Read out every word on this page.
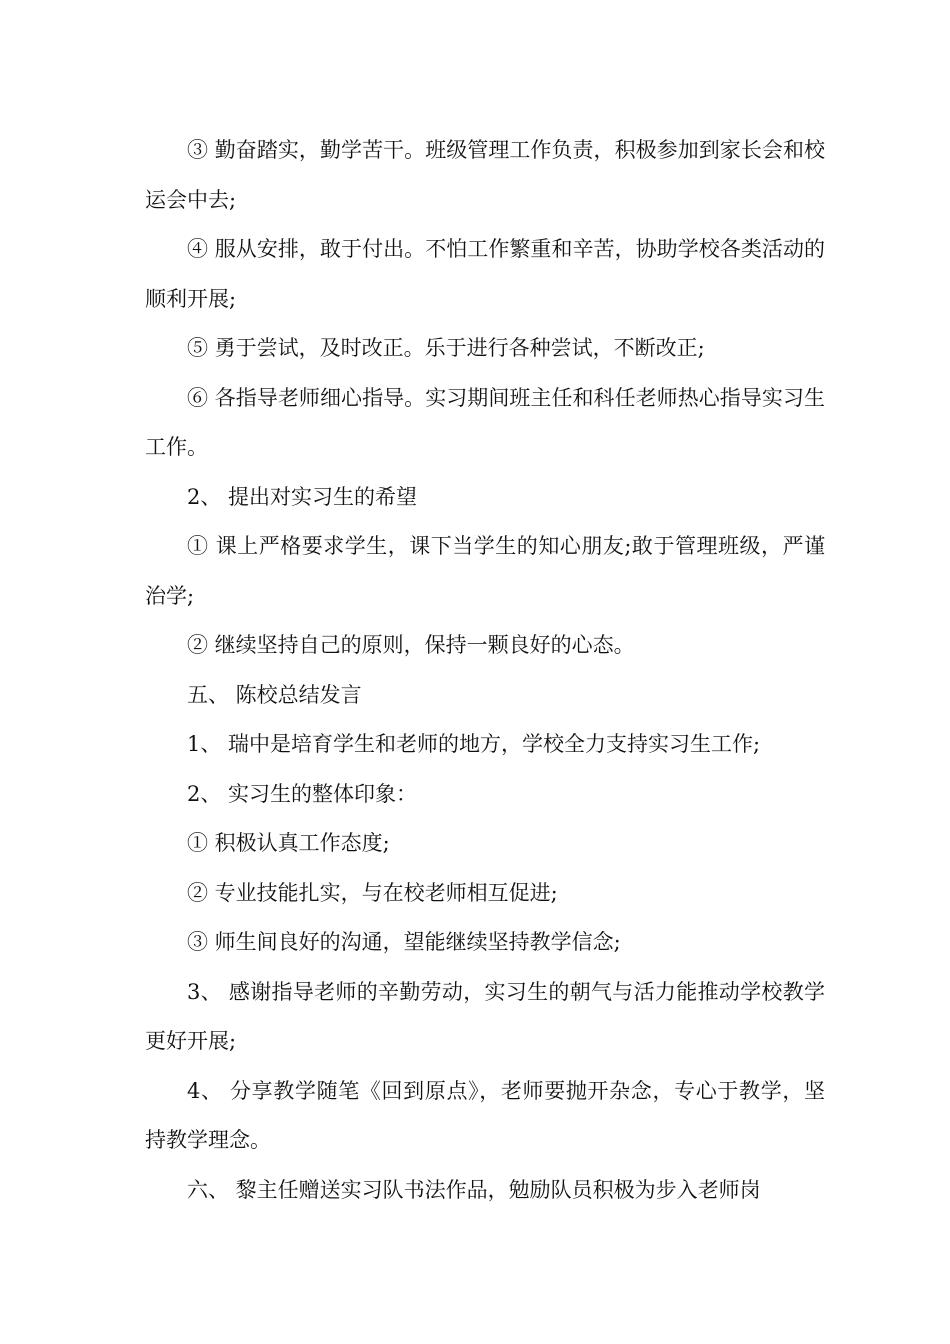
③ 勤奋踏实，勤学苦干。班级管理工作负责，积极参加到家长会和校运会中去;

④ 服从安排，敢于付出。不怕工作繁重和辛苦，协助学校各类活动的顺利开展;

⑤ 勇于尝试，及时改正。乐于进行各种尝试，不断改正;

⑥ 各指导老师细心指导。实习期间班主任和科任老师热心指导实习生工作。

2、 提出对实习生的希望

① 课上严格要求学生，课下当学生的知心朋友;敢于管理班级，严谨治学;

② 继续坚持自己的原则，保持一颗良好的心态。

五、 陈校总结发言

1、 瑞中是培育学生和老师的地方，学校全力支持实习生工作;

2、 实习生的整体印象：

① 积极认真工作态度;

② 专业技能扎实，与在校老师相互促进;

③ 师生间良好的沟通，望能继续坚持教学信念;

3、 感谢指导老师的辛勤劳动，实习生的朝气与活力能推动学校教学更好开展;

4、 分享教学随笔《回到原点》，老师要抛开杂念，专心于教学，坚持教学理念。

六、 黎主任赠送实习队书法作品，勉励队员积极为步入老师岗
